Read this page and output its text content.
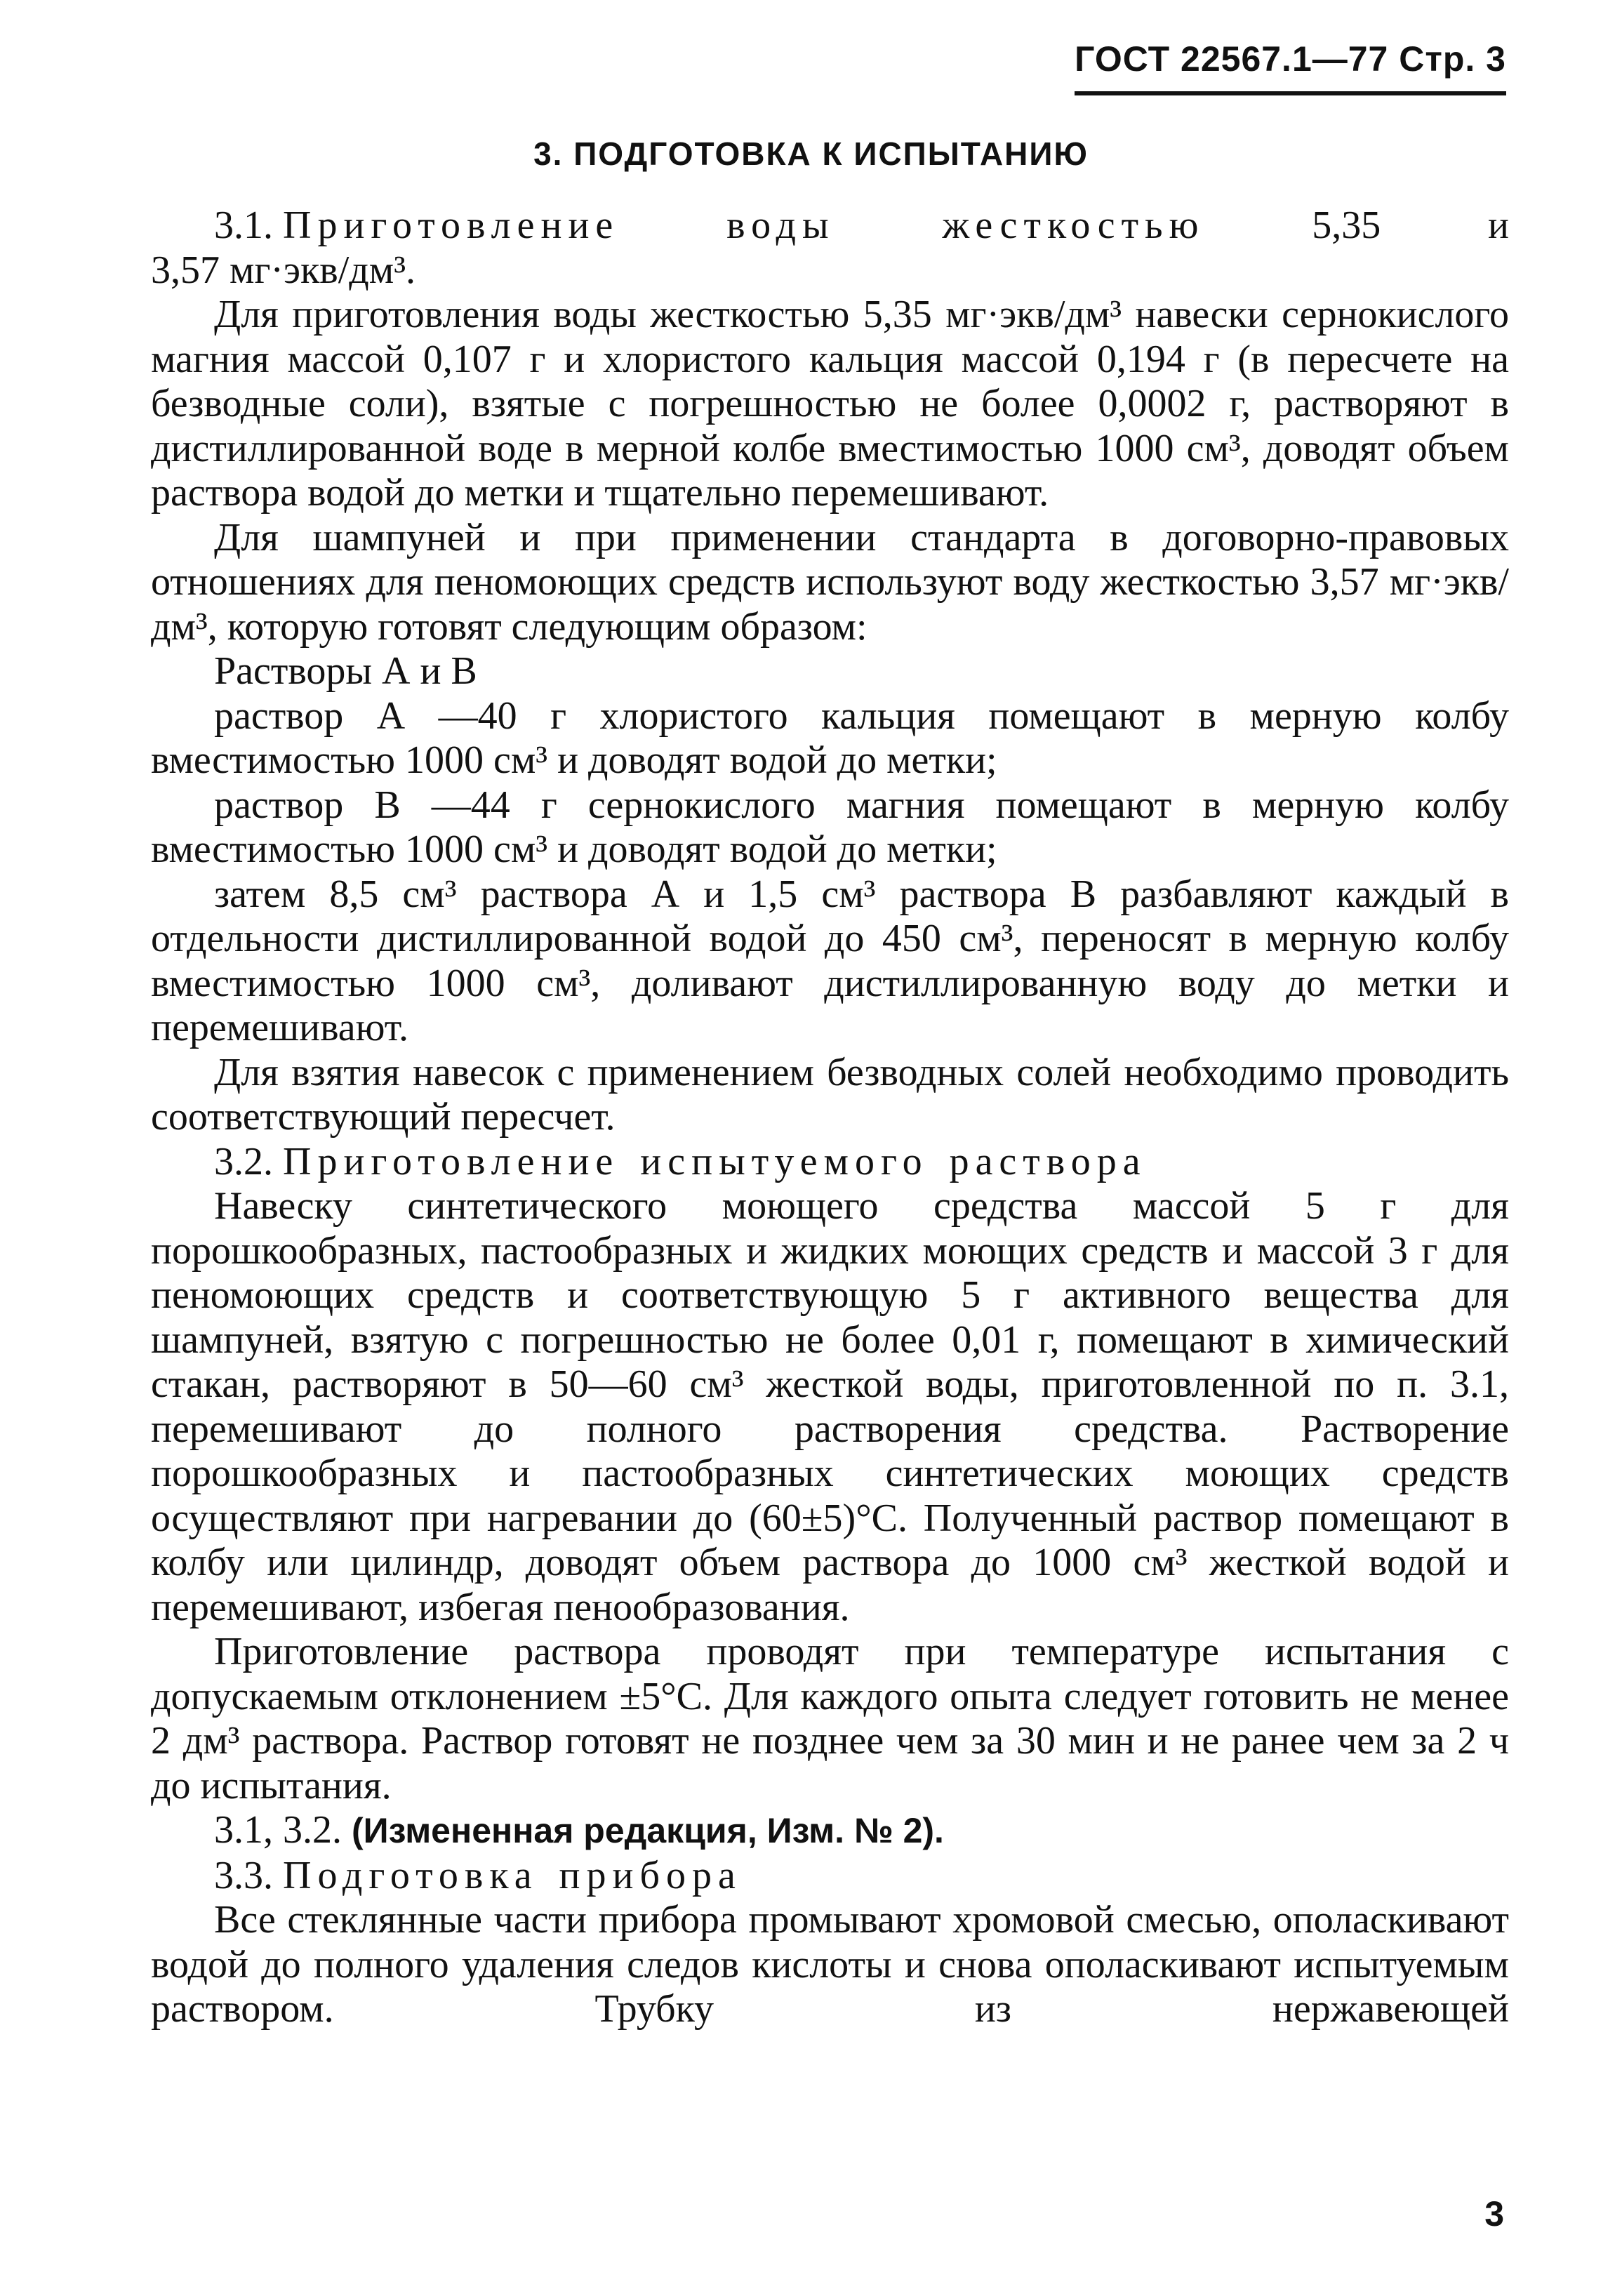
ГОСТ 22567.1—77 Стр. 3
3. ПОДГОТОВКА К ИСПЫТАНИЮ
3.1. Приготовление	воды	жесткостью	5,35	и

3,57 мг·экв/дм³.

Для приготовления воды жесткостью 5,35 мг·экв/дм³ навески сернокислого магния массой 0,107 г и хлористого кальция массой 0,194 г (в пересчете на безводные соли), взятые с погрешностью не более 0,0002 г, растворяют в дистиллированной воде в мерной колбе вместимостью 1000 см³, доводят объем раствора водой до метки и тщательно перемешивают.

Для шампуней и при применении стандарта в договорно-правовых отношениях для пеномоющих средств используют воду жесткостью 3,57 мг·экв/дм³, которую готовят следующим образом:

Растворы А и В

раствор А —40 г хлористого кальция помещают в мерную колбу вместимостью 1000 см³ и доводят водой до метки;

раствор В —44 г сернокислого магния помещают в мерную колбу вместимостью 1000 см³ и доводят водой до метки;

затем 8,5 см³ раствора А и 1,5 см³ раствора В разбавляют каждый в отдельности дистиллированной водой до 450 см³, переносят в мерную колбу вместимостью 1000 см³, доливают дистиллированную воду до метки и перемешивают.

Для взятия навесок с применением безводных солей необходимо проводить соответствующий пересчет.

3.2. Приготовление испытуемого раствора

Навеску синтетического моющего средства массой 5 г для порошкообразных, пастообразных и жидких моющих средств и массой 3 г для пеномоющих средств и соответствующую 5 г активного вещества для шампуней, взятую с погрешностью не более 0,01 г, помещают в химический стакан, растворяют в 50—60 см³ жесткой воды, приготовленной по п. 3.1, перемешивают до полного растворения средства. Растворение порошкообразных и пастообразных синтетических моющих средств осуществляют при нагревании до (60±5)°С. Полученный раствор помещают в колбу или цилиндр, доводят объем раствора до 1000 см³ жесткой водой и перемешивают, избегая пенообразования.

Приготовление раствора проводят при температуре испытания с допускаемым отклонением ±5°С. Для каждого опыта следует готовить не менее 2 дм³ раствора. Раствор готовят не позднее чем за 30 мин и не ранее чем за 2 ч до испытания.

3.1, 3.2. (Измененная редакция, Изм. № 2).
3.3. Подготовка прибора

Все стеклянные части прибора промывают хромовой смесью, ополаскивают водой до полного удаления следов кислоты и снова ополаскивают испытуемым раствором. Трубку из нержавеющей

3
